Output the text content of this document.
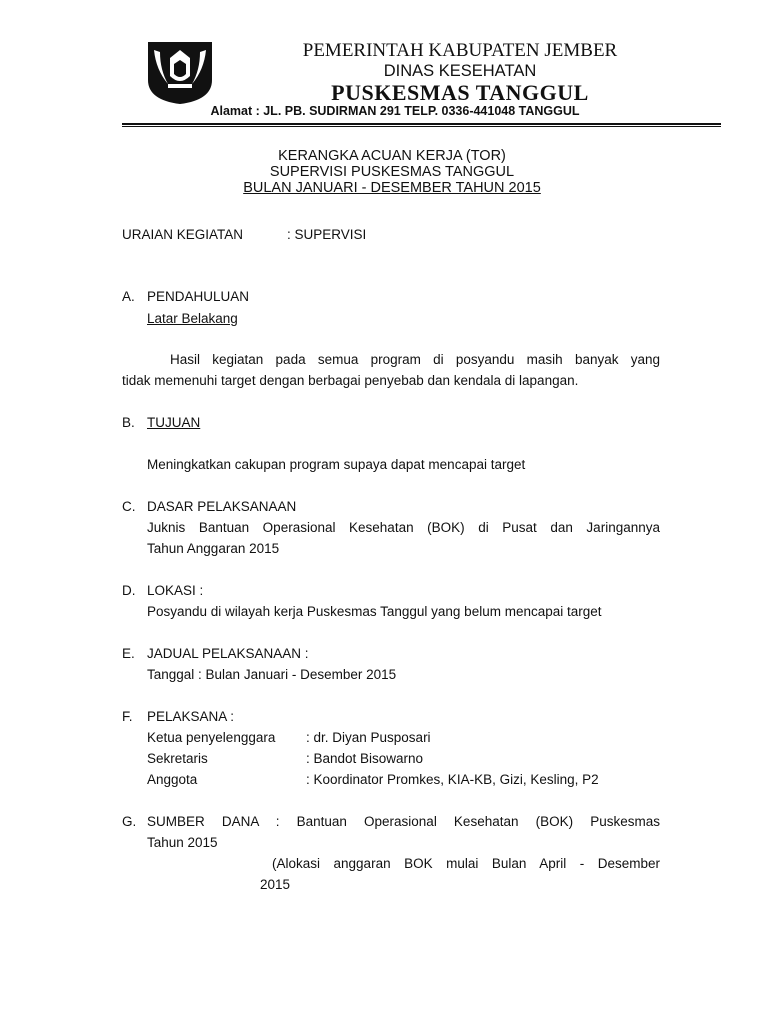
PEMERINTAH KABUPATEN JEMBER
DINAS KESEHATAN
PUSKESMAS TANGGUL
Alamat : JL. PB. SUDIRMAN 291 TELP. 0336-441048 TANGGUL
KERANGKA ACUAN KERJA (TOR)
SUPERVISI PUSKESMAS TANGGUL
BULAN JANUARI - DESEMBER TAHUN 2015
URAIAN KEGIATAN	: SUPERVISI
A. PENDAHULUAN
Latar Belakang
Hasil kegiatan pada semua program di posyandu masih banyak yang
tidak memenuhi target dengan berbagai penyebab dan kendala di lapangan.
B. TUJUAN
Meningkatkan cakupan program supaya dapat mencapai target
C. DASAR PELAKSANAAN
Juknis Bantuan Operasional Kesehatan (BOK) di Pusat dan Jaringannya
Tahun Anggaran 2015
D. LOKASI :
Posyandu di wilayah kerja Puskesmas Tanggul yang belum mencapai target
E. JADUAL PELAKSANAAN :
Tanggal : Bulan Januari - Desember 2015
F. PELAKSANA :
Ketua penyelenggara : dr. Diyan Pusposari
Sekretaris	: Bandot Bisowarno
Anggota	: Koordinator Promkes, KIA-KB, Gizi, Kesling, P2
G. SUMBER DANA : Bantuan Operasional Kesehatan (BOK) Puskesmas
Tahun 2015
(Alokasi anggaran BOK mulai Bulan April - Desember
2015
